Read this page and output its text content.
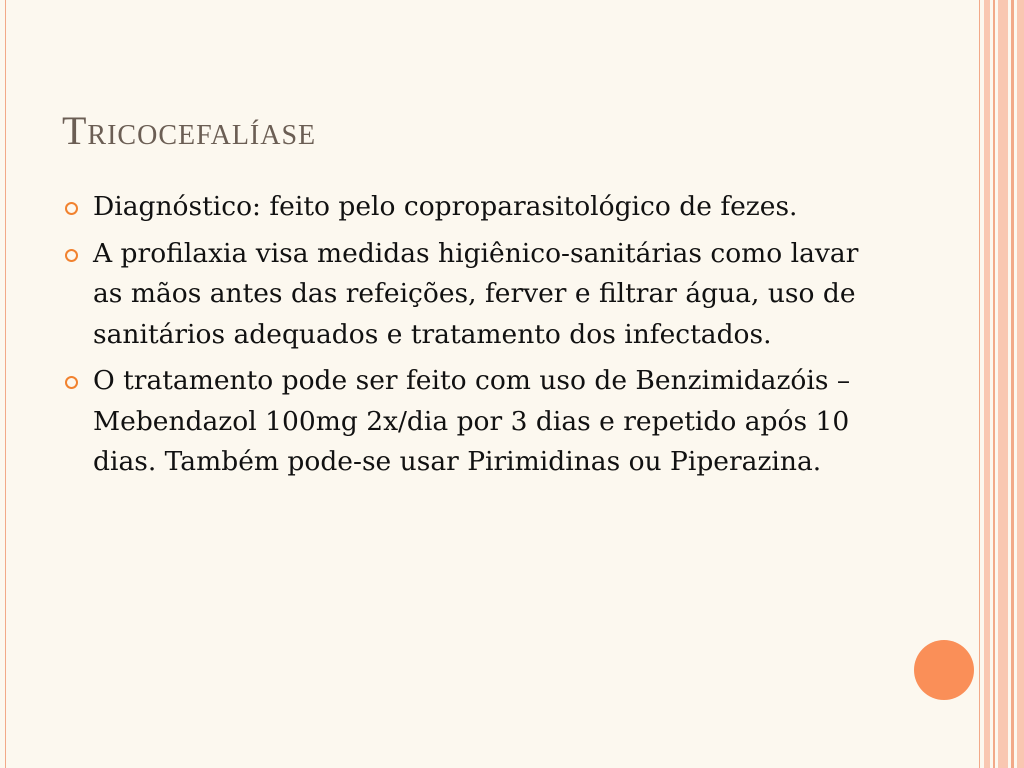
Tricocefalíase
Diagnóstico: feito pelo coproparasitológico de fezes.
A profilaxia visa medidas higiênico-sanitárias como lavar as mãos antes das refeições, ferver e filtrar água, uso de sanitários adequados e tratamento dos infectados.
O tratamento pode ser feito com uso de Benzimidazóis – Mebendazol 100mg 2x/dia por 3 dias e repetido após 10 dias. Também pode-se usar Pirimidinas ou Piperazina.
